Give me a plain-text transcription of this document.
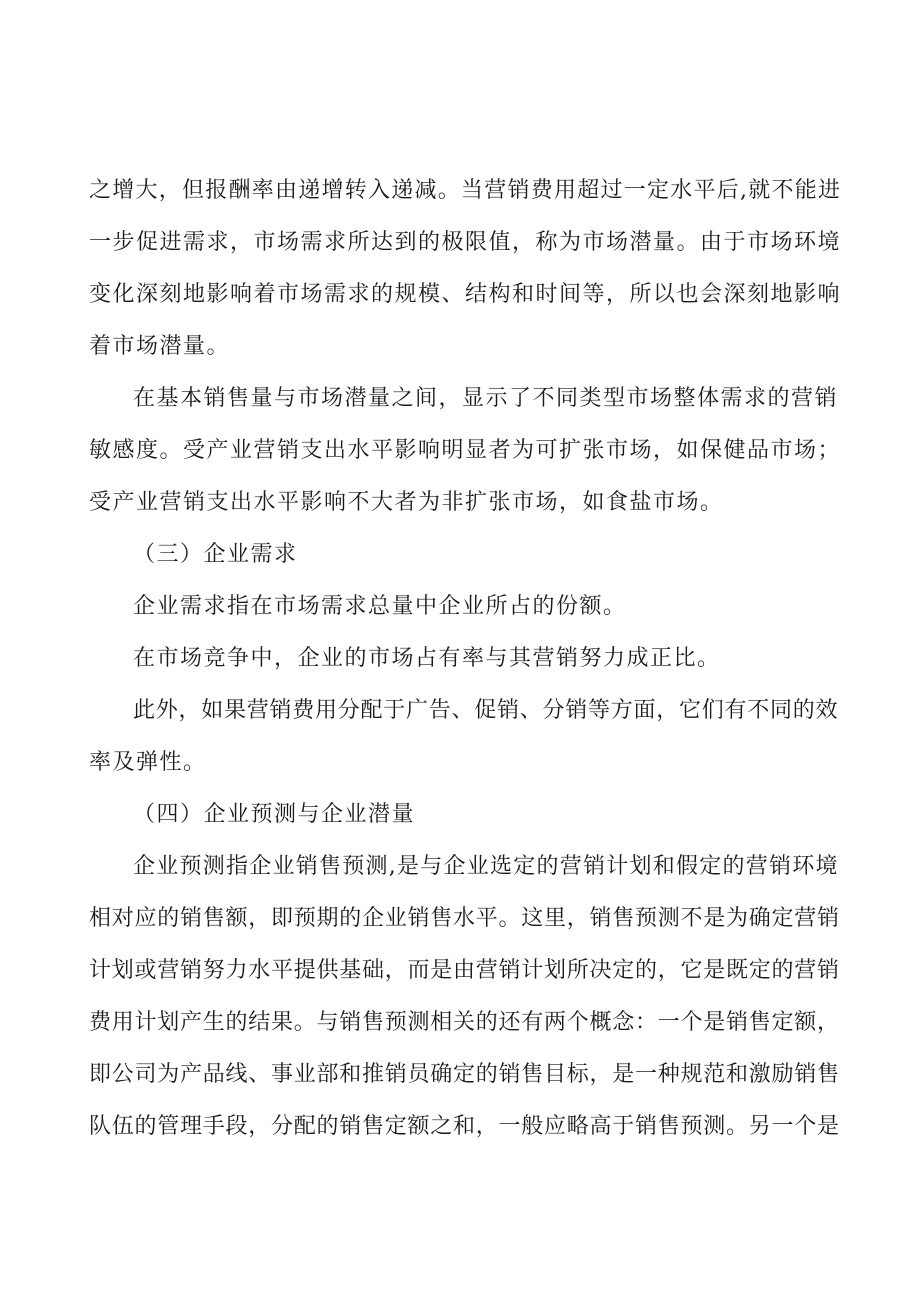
之增大，但报酬率由递增转入递减。当营销费用超过一定水平后,就不能进
一步促进需求，市场需求所达到的极限值，称为市场潜量。由于市场环境
变化深刻地影响着市场需求的规模、结构和时间等，所以也会深刻地影响
着市场潜量。
在基本销售量与市场潜量之间，显示了不同类型市场整体需求的营销
敏感度。受产业营销支出水平影响明显者为可扩张市场，如保健品市场；
受产业营销支出水平影响不大者为非扩张市场，如食盐市场。
（三）企业需求
企业需求指在市场需求总量中企业所占的份额。
在市场竞争中，企业的市场占有率与其营销努力成正比。
此外，如果营销费用分配于广告、促销、分销等方面，它们有不同的效
率及弹性。
（四）企业预测与企业潜量
企业预测指企业销售预测,是与企业选定的营销计划和假定的营销环境
相对应的销售额，即预期的企业销售水平。这里，销售预测不是为确定营销
计划或营销努力水平提供基础，而是由营销计划所决定的，它是既定的营销
费用计划产生的结果。与销售预测相关的还有两个概念：一个是销售定额，
即公司为产品线、事业部和推销员确定的销售目标，是一种规范和激励销售
队伍的管理手段，分配的销售定额之和，一般应略高于销售预测。另一个是
